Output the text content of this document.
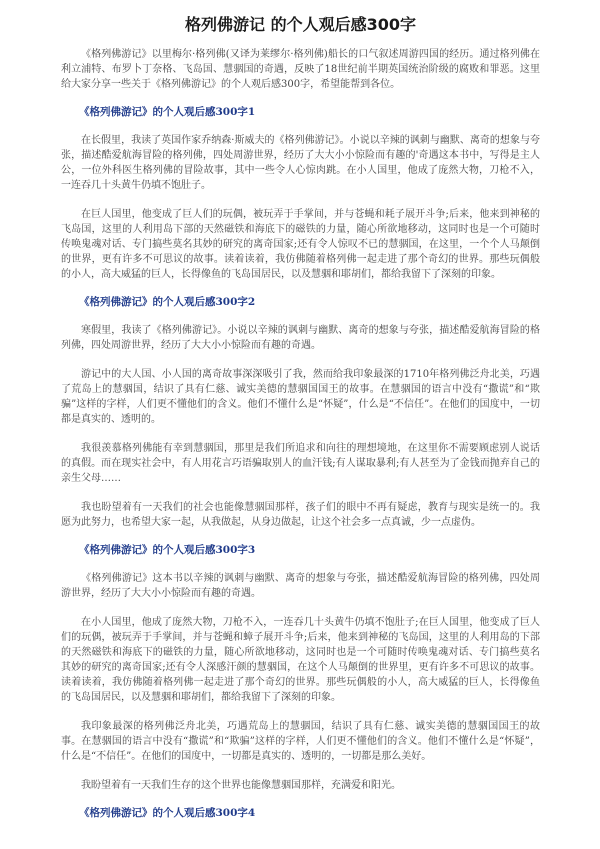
格列佛游记 的个人观后感300字

《格列佛游记》以里梅尔·格列佛(又译为莱缪尔·格列佛)船长的口气叙述周游四国的经历。通过格列佛在利立浦特、布罗卜丁奈格、飞岛国、慧骃国的奇遇，反映了18世纪前半期英国统治阶级的腐败和罪恶。这里给大家分享一些关于《格列佛游记》的个人观后感300字，希望能帮到各位。

《格列佛游记》的个人观后感300字1

在长假里，我读了英国作家乔纳森·斯威夫的《格列佛游记》。小说以辛辣的讽刺与幽默、离奇的想象与夸张，描述酷爱航海冒险的格列佛，四处周游世界，经历了大大小小惊险而有趣的'奇遇这本书中，写得是主人公，一位外科医生格列佛的冒险故事，其中一些令人心惊肉跳。在小人国里，他成了庞然大物，刀枪不入，一连吞几十头黄牛仍填不饱肚子。

在巨人国里，他变成了巨人们的玩偶，被玩弄于手掌间，并与苍蝇和耗子展开斗争;后来，他来到神秘的飞岛国，这里的人利用岛下部的天然磁铁和海底下的磁铁的力量，随心所欲地移动，这同时也是一个可随时传唤鬼魂对话、专门搞些莫名其妙的研究的离奇国家;还有令人惊叹不已的慧骃国，在这里，一个个人马颠倒的世界，更有许多不可思议的故事。读着读着，我仿佛随着格列佛一起走进了那个奇幻的世界。那些玩偶般的小人，高大威猛的巨人，长得像鱼的飞岛国居民，以及慧骃和耶胡们，都给我留下了深刻的印象。

《格列佛游记》的个人观后感300字2

寒假里，我读了《格列佛游记》。小说以辛辣的讽刺与幽默、离奇的想象与夸张，描述酷爱航海冒险的格列佛，四处周游世界，经历了大大小小惊险而有趣的奇遇。

游记中的大人国、小人国的离奇故事深深吸引了我，然而给我印象最深的1710年格列佛泛舟北美，巧遇了荒岛上的慧骃国，结识了具有仁慈、诚实美德的慧骃国国王的故事。在慧骃国的语言中没有“撒谎”和“欺骗”这样的字样，人们更不懂他们的含义。他们不懂什么是“怀疑”，什么是“不信任”。在他们的国度中，一切都是真实的、透明的。

我很羡慕格列佛能有幸到慧骃国，那里是我们所追求和向往的理想境地，在这里你不需要顾虑别人说话的真假。而在现实社会中，有人用花言巧语骗取别人的血汗钱;有人谋取暴利;有人甚至为了金钱而抛弃自己的亲生父母……

我也盼望着有一天我们的社会也能像慧骃国那样，孩子们的眼中不再有疑虑，教育与现实是统一的。我愿为此努力，也希望大家一起，从我做起，从身边做起，让这个社会多一点真诚，少一点虚伪。

《格列佛游记》的个人观后感300字3

《格列佛游记》这本书以辛辣的讽刺与幽默、离奇的想象与夸张，描述酷爱航海冒险的格列佛，四处周游世界，经历了大大小小惊险而有趣的奇遇。

在小人国里，他成了庞然大物，刀枪不入，一连吞几十头黄牛仍填不饱肚子;在巨人国里，他变成了巨人们的玩偶，被玩弄于手掌间，并与苍蝇和蟑子展开斗争;后来，他来到神秘的飞岛国，这里的人利用岛的下部的天然磁铁和海底下的磁铁的力量，随心所欲地移动，这同时也是一个可随时传唤鬼魂对话、专门搞些莫名其妙的研究的离奇国家;还有令人深感汗颜的慧骃国，在这个人马颠倒的世界里，更有许多不可思议的故事。读着读着，我仿佛随着格列佛一起走进了那个奇幻的世界。那些玩偶般的小人，高大威猛的巨人，长得像鱼的飞岛国居民，以及慧骃和耶胡们，都给我留下了深刻的印象。

我印象最深的格列佛泛舟北美，巧遇荒岛上的慧骃国，结识了具有仁慈、诚实美德的慧骃国国王的故事。在慧骃国的语言中没有“撒谎”和“欺骗”这样的字样，人们更不懂他们的含义。他们不懂什么是“怀疑”，什么是“不信任”。在他们的国度中，一切都是真实的、透明的，一切都是那么美好。

我盼望着有一天我们生存的这个世界也能像慧骃国那样，充满爱和阳光。

《格列佛游记》的个人观后感300字4
